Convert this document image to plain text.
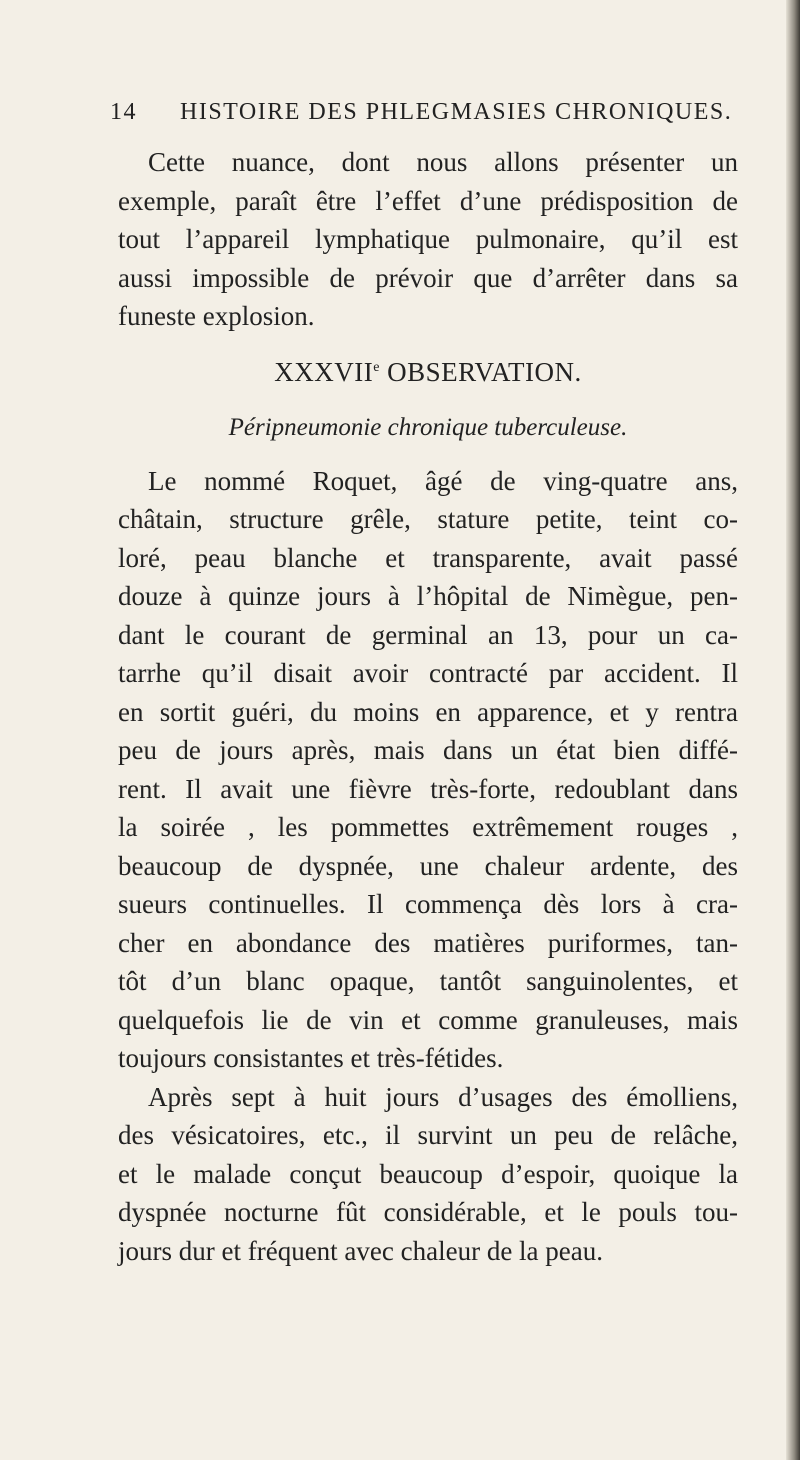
14 HISTOIRE DES PHLEGMASIES CHRONIQUES.
Cette nuance, dont nous allons présenter un
exemple, paraît être l’effet d’une prédisposition de
tout l’appareil lymphatique pulmonaire, qu’il est
aussi impossible de prévoir que d’arrêter dans sa
funeste explosion.
XXXVIIe OBSERVATION.
Péripneumonie chronique tuberculeuse.
Le nommé Roquet, âgé de ving-quatre ans,
châtain, structure grêle, stature petite, teint co-
loré, peau blanche et transparente, avait passé
douze à quinze jours à l’hôpital de Nimègue, pen-
dant le courant de germinal an 13, pour un ca-
tarrhe qu’il disait avoir contracté par accident. Il
en sortit guéri, du moins en apparence, et y rentra
peu de jours après, mais dans un état bien diffé-
rent. Il avait une fièvre très-forte, redoublant dans
la soirée , les pommettes extrêmement rouges ,
beaucoup de dyspnée, une chaleur ardente, des
sueurs continuelles. Il commença dès lors à cra-
cher en abondance des matières puriformes, tan-
tôt d’un blanc opaque, tantôt sanguinolentes, et
quelquefois lie de vin et comme granuleuses, mais
toujours consistantes et très-fétides.
Après sept à huit jours d’usages des émolliens,
des vésicatoires, etc., il survint un peu de relâche,
et le malade conçut beaucoup d’espoir, quoique la
dyspnée nocturne fût considérable, et le pouls tou-
jours dur et fréquent avec chaleur de la peau.
